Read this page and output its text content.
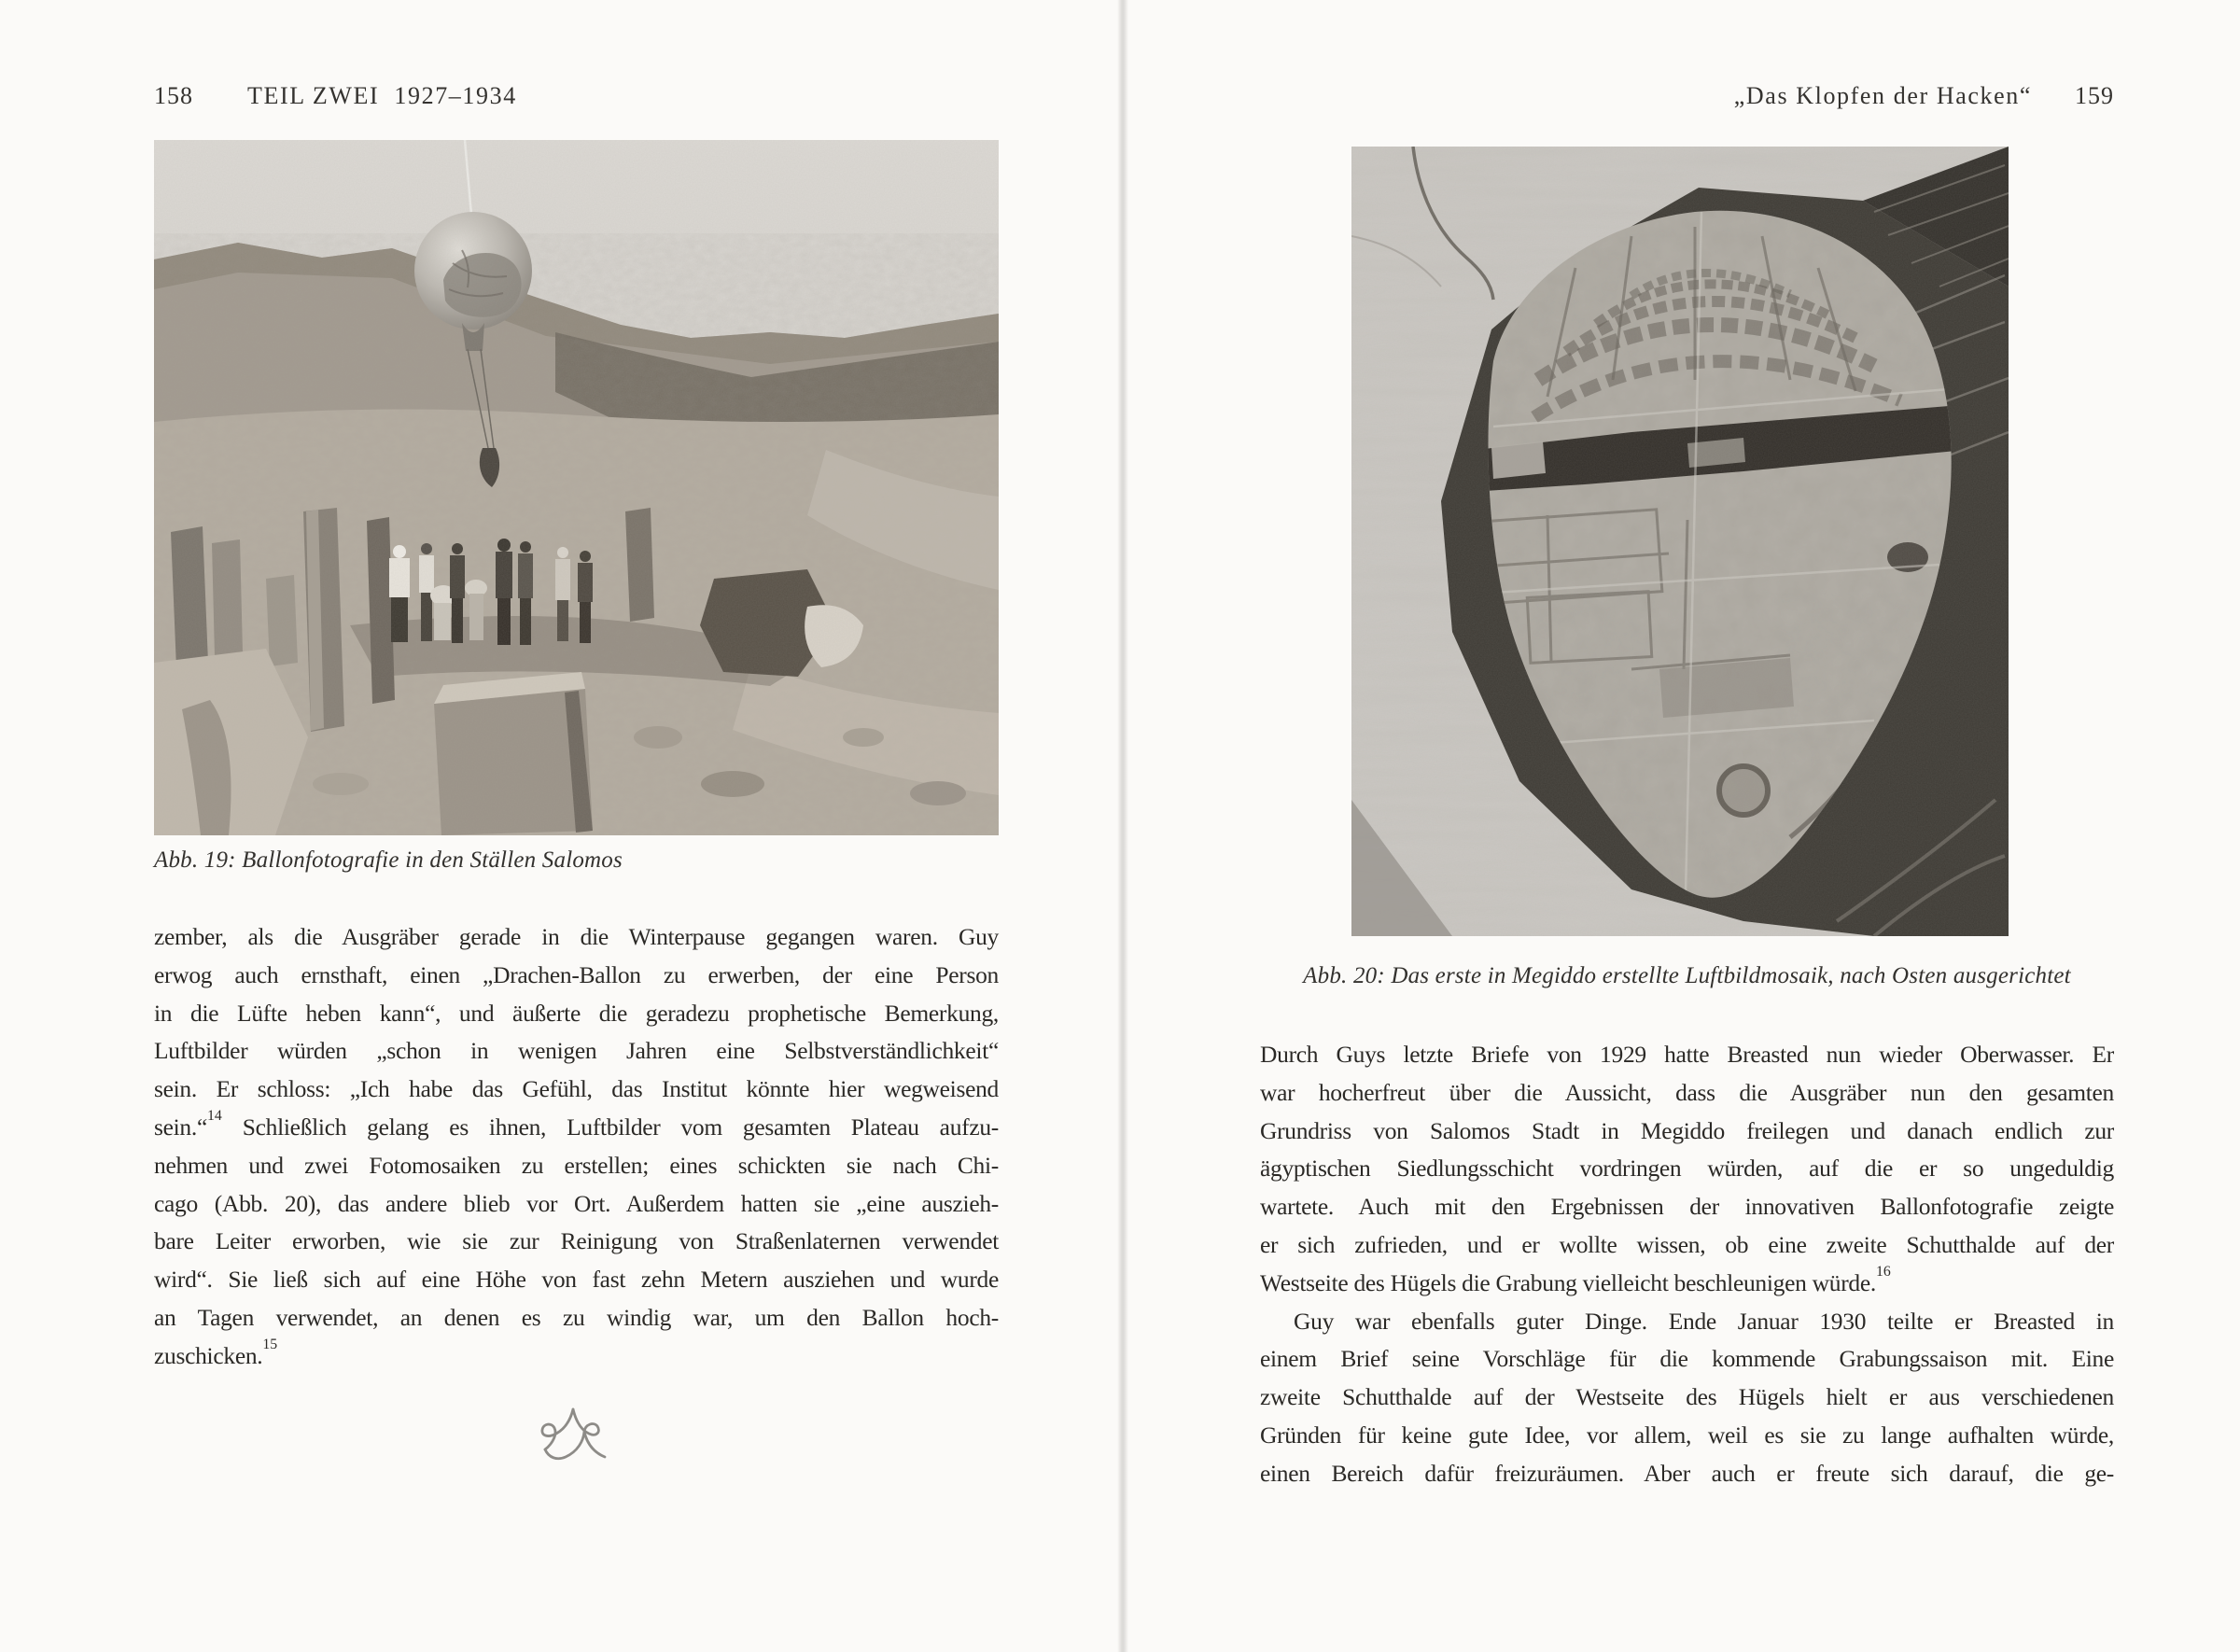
158 TEIL ZWEI  1927–1934
Abb. 19: Ballonfotografie in den Ställen Salomos
zember, als die Ausgräber gerade in die Winterpause gegangen waren. Guy
erwog auch ernsthaft, einen „Drachen-Ballon zu erwerben, der eine Person
in die Lüfte heben kann“, und äußerte die geradezu prophetische Bemerkung,
Luftbilder würden „schon in wenigen Jahren eine Selbstverständlichkeit“
sein. Er schloss: „Ich habe das Gefühl, das Institut könnte hier wegweisend
sein.“$^{14}$ Schließlich gelang es ihnen, Luftbilder vom gesamten Plateau aufzu-
nehmen und zwei Fotomosaiken zu erstellen; eines schickten sie nach Chi-
cago (Abb. 20), das andere blieb vor Ort. Außerdem hatten sie „eine auszieh-
bare Leiter erworben, wie sie zur Reinigung von Straßenlaternen verwendet
wird“. Sie ließ sich auf eine Höhe von fast zehn Metern ausziehen und wurde
an Tagen verwendet, an denen es zu windig war, um den Ballon hoch-
zuschicken.$^{15}$
„Das Klopfen der Hacken“ 159
Abb. 20: Das erste in Megiddo erstellte Luftbildmosaik, nach Osten ausgerichtet
Durch Guys letzte Briefe von 1929 hatte Breasted nun wieder Oberwasser. Er
war hocherfreut über die Aussicht, dass die Ausgräber nun den gesamten
Grundriss von Salomos Stadt in Megiddo freilegen und danach endlich zur
ägyptischen Siedlungsschicht vordringen würden, auf die er so ungeduldig
wartete. Auch mit den Ergebnissen der innovativen Ballonfotografie zeigte
er sich zufrieden, und er wollte wissen, ob eine zweite Schutthalde auf der
Westseite des Hügels die Grabung vielleicht beschleunigen würde.$^{16}$
Guy war ebenfalls guter Dinge. Ende Januar 1930 teilte er Breasted in
einem Brief seine Vorschläge für die kommende Grabungssaison mit. Eine
zweite Schutthalde auf der Westseite des Hügels hielt er aus verschiedenen
Gründen für keine gute Idee, vor allem, weil es sie zu lange aufhalten würde,
einen Bereich dafür freizuräumen. Aber auch er freute sich darauf, die ge-
